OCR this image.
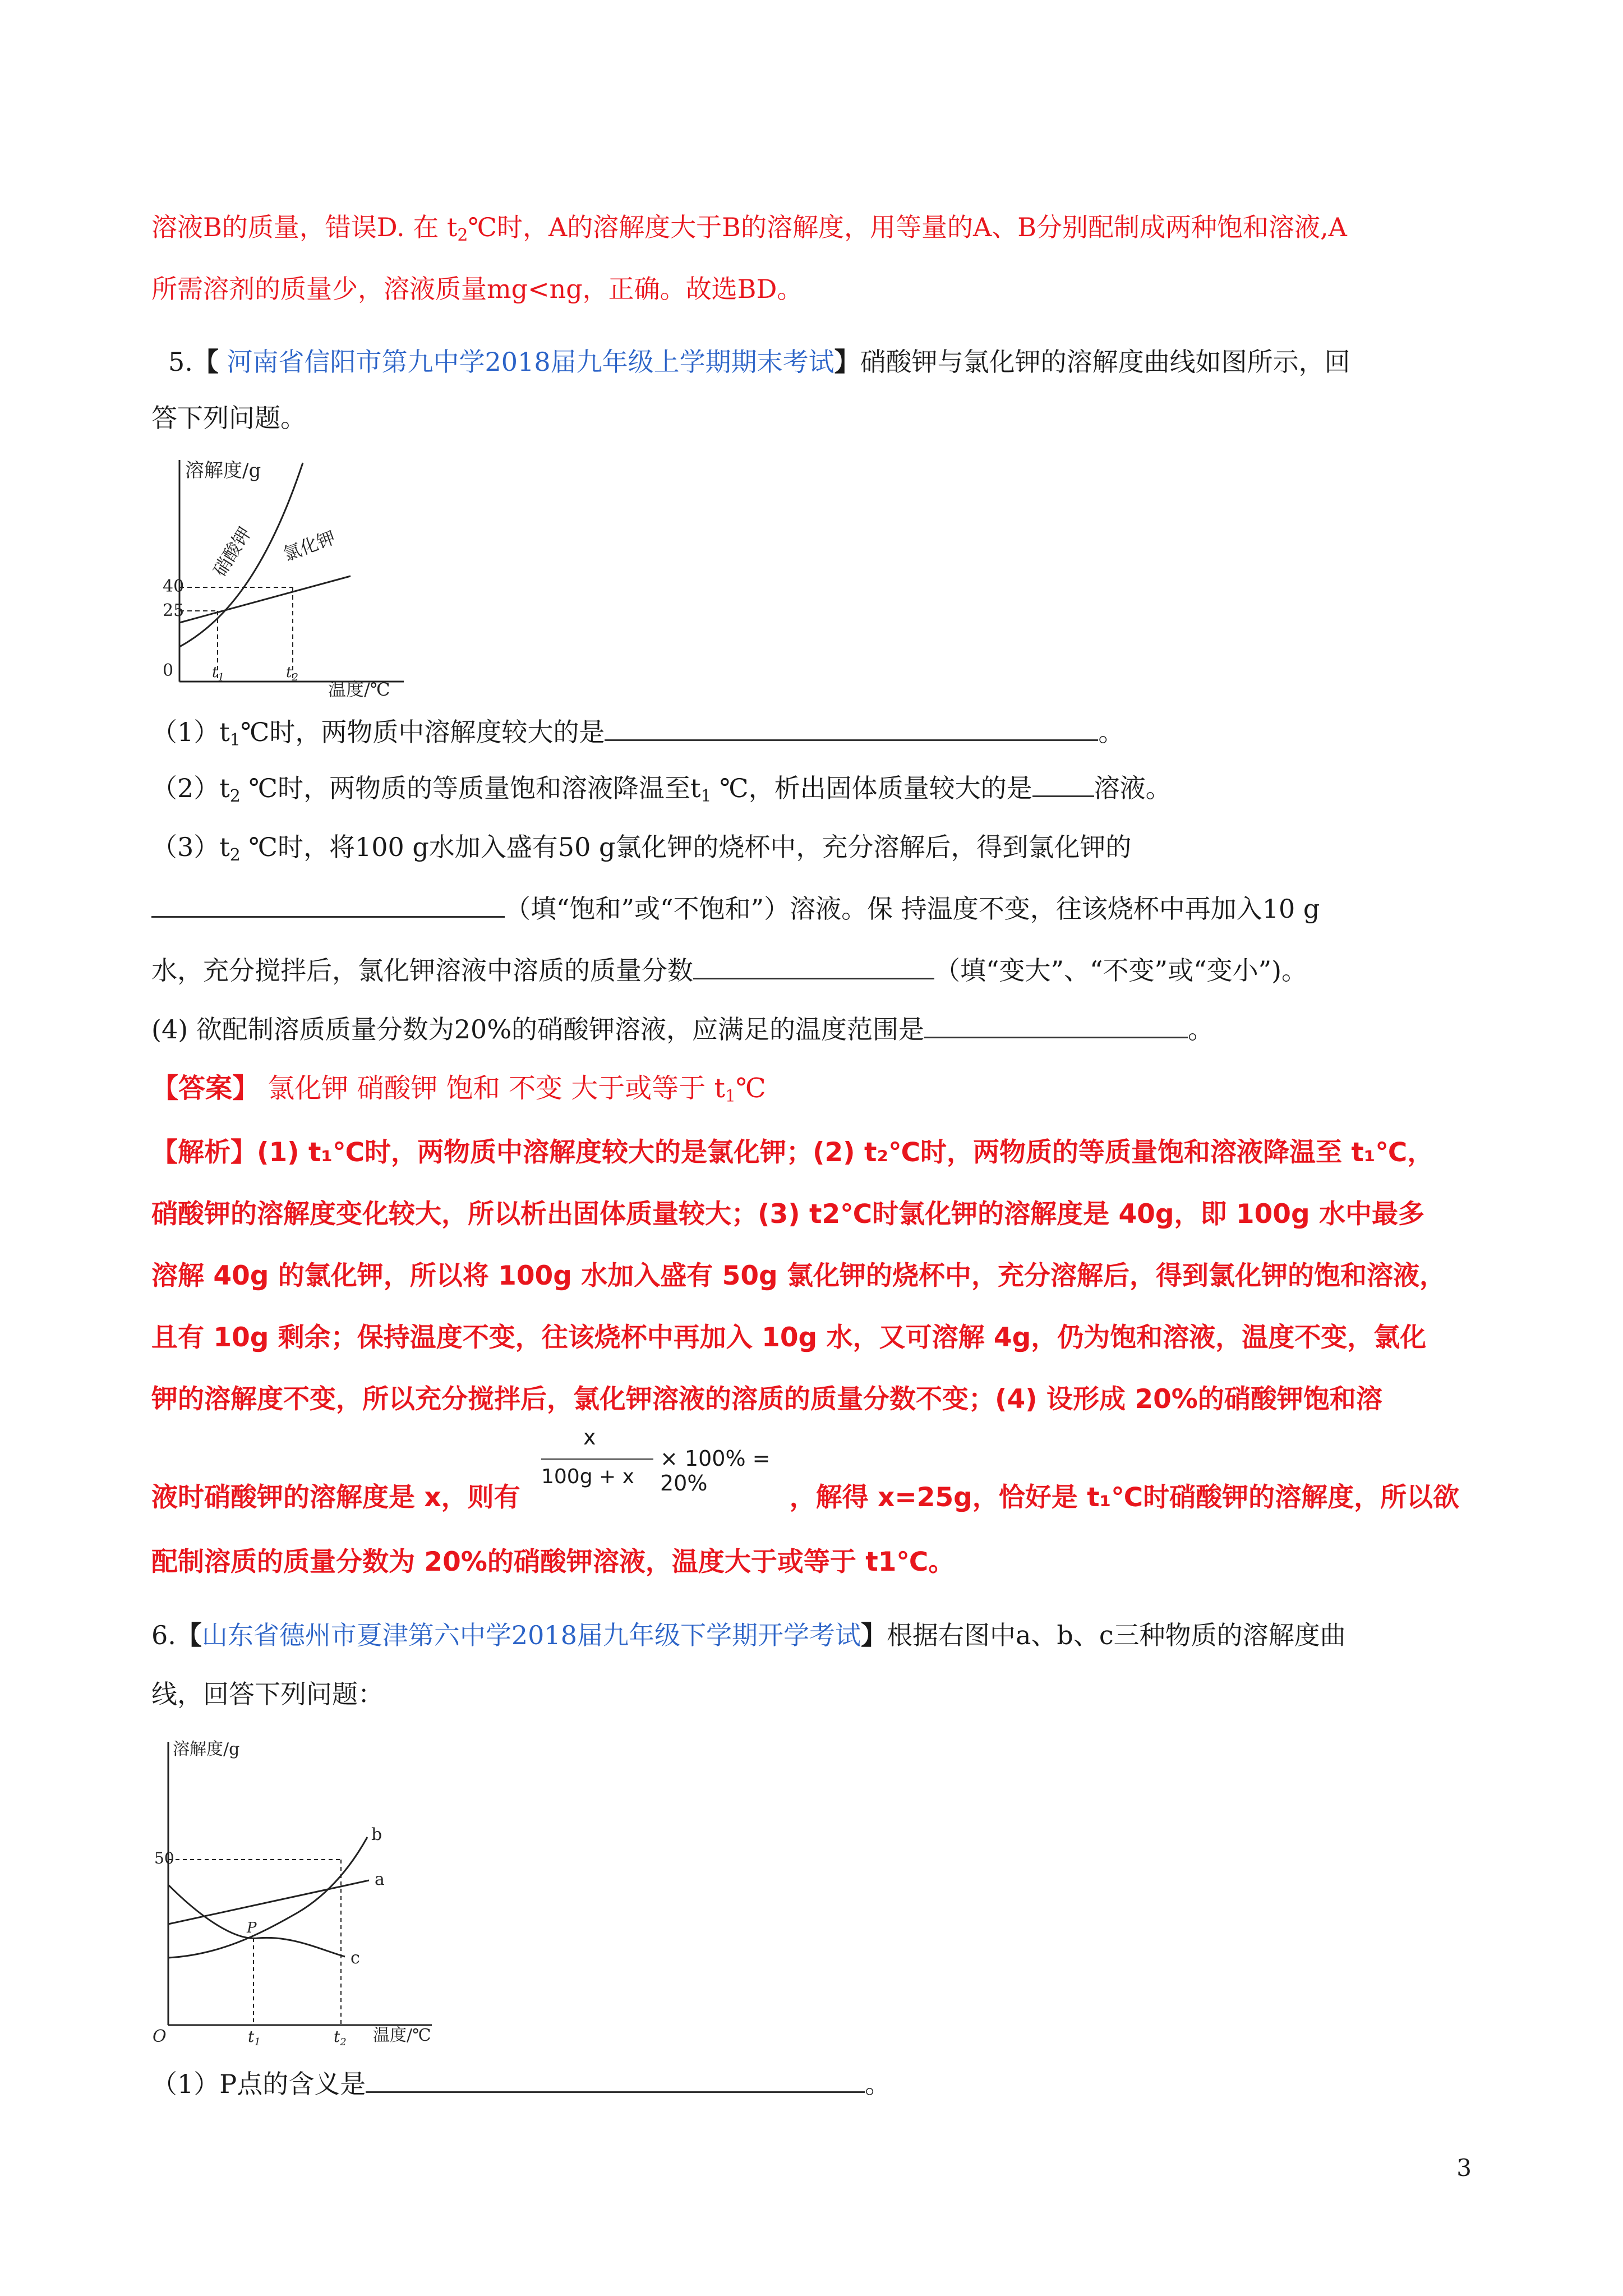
溶液B的质量，错误D. 在 $t_2℃$时，A的溶解度大于B的溶解度，用等量的A、B分别配制成两种饱和溶液,A
所需溶剂的质量少，溶液质量mg<ng，正确。故选BD。
5.【 河南省信阳市第九中学2018届九年级上学期期末考试】硝酸钾与氯化钾的溶解度曲线如图所示，回
答下列问题。
溶解度/g
温度/℃
40
25
0	$t_1$	$t_2$
硝酸钾 氯化钾
$(1)t_1℃$时，两物质中溶解度较大的是	。
$(2)t_2$ ℃时，两物质的等质量饱和溶液降温至$t_1$ ℃，析出固体质量较大的是 溶液。
$(3)t_2$ ℃时，将100 g水加入盛有50 g氯化钾的烧杯中，充分溶解后，得到氯化钾的
（填“饱和”或“不饱和”）溶液。保 持温度不变，往该烧杯中再加入10 g
水，充分搅拌后，氯化钾溶液中溶质的质量分数	（填“变大”、“不变”或“变小”)。
(4) 欲配制溶质质量分数为20%的硝酸钾溶液，应满足的温度范围是	。
【答案】 氯化钾 硝酸钾 饱和 不变 大于或等于 $t_1℃$
【解析】(1) t₁℃时，两物质中溶解度较大的是氯化钾；(2) t₂℃时，两物质的等质量饱和溶液降温至 t₁℃，
硝酸钾的溶解度变化较大，所以析出固体质量较大；(3) t2℃时氯化钾的溶解度是 40g，即 100g 水中最多
溶解 40g 的氯化钾，所以将 100g 水加入盛有 50g 氯化钾的烧杯中，充分溶解后，得到氯化钾的饱和溶液，
且有 10g 剩余；保持温度不变，往该烧杯中再加入 10g 水，又可溶解 4g，仍为饱和溶液，温度不变，氯化
钾的溶解度不变，所以充分搅拌后，氯化钾溶液的溶质的质量分数不变；(4) 设形成 20%的硝酸钾饱和溶
液时硝酸钾的溶解度是 x，则有	，解得 x=25g，恰好是 t₁℃时硝酸钾的溶解度，所以欲
x
100g + x
× 100% = 20%
配制溶质的质量分数为 20%的硝酸钾溶液，温度大于或等于 t1℃。
6.【山东省德州市夏津第六中学2018届九年级下学期开学考试】根据右图中a、b、c三种物质的溶解度曲
线，回答下列问题：
溶解度/g
温度/℃
50
O	$t_1$	$t_2$
b
a
c
P
（1）P点的含义是	。
3
